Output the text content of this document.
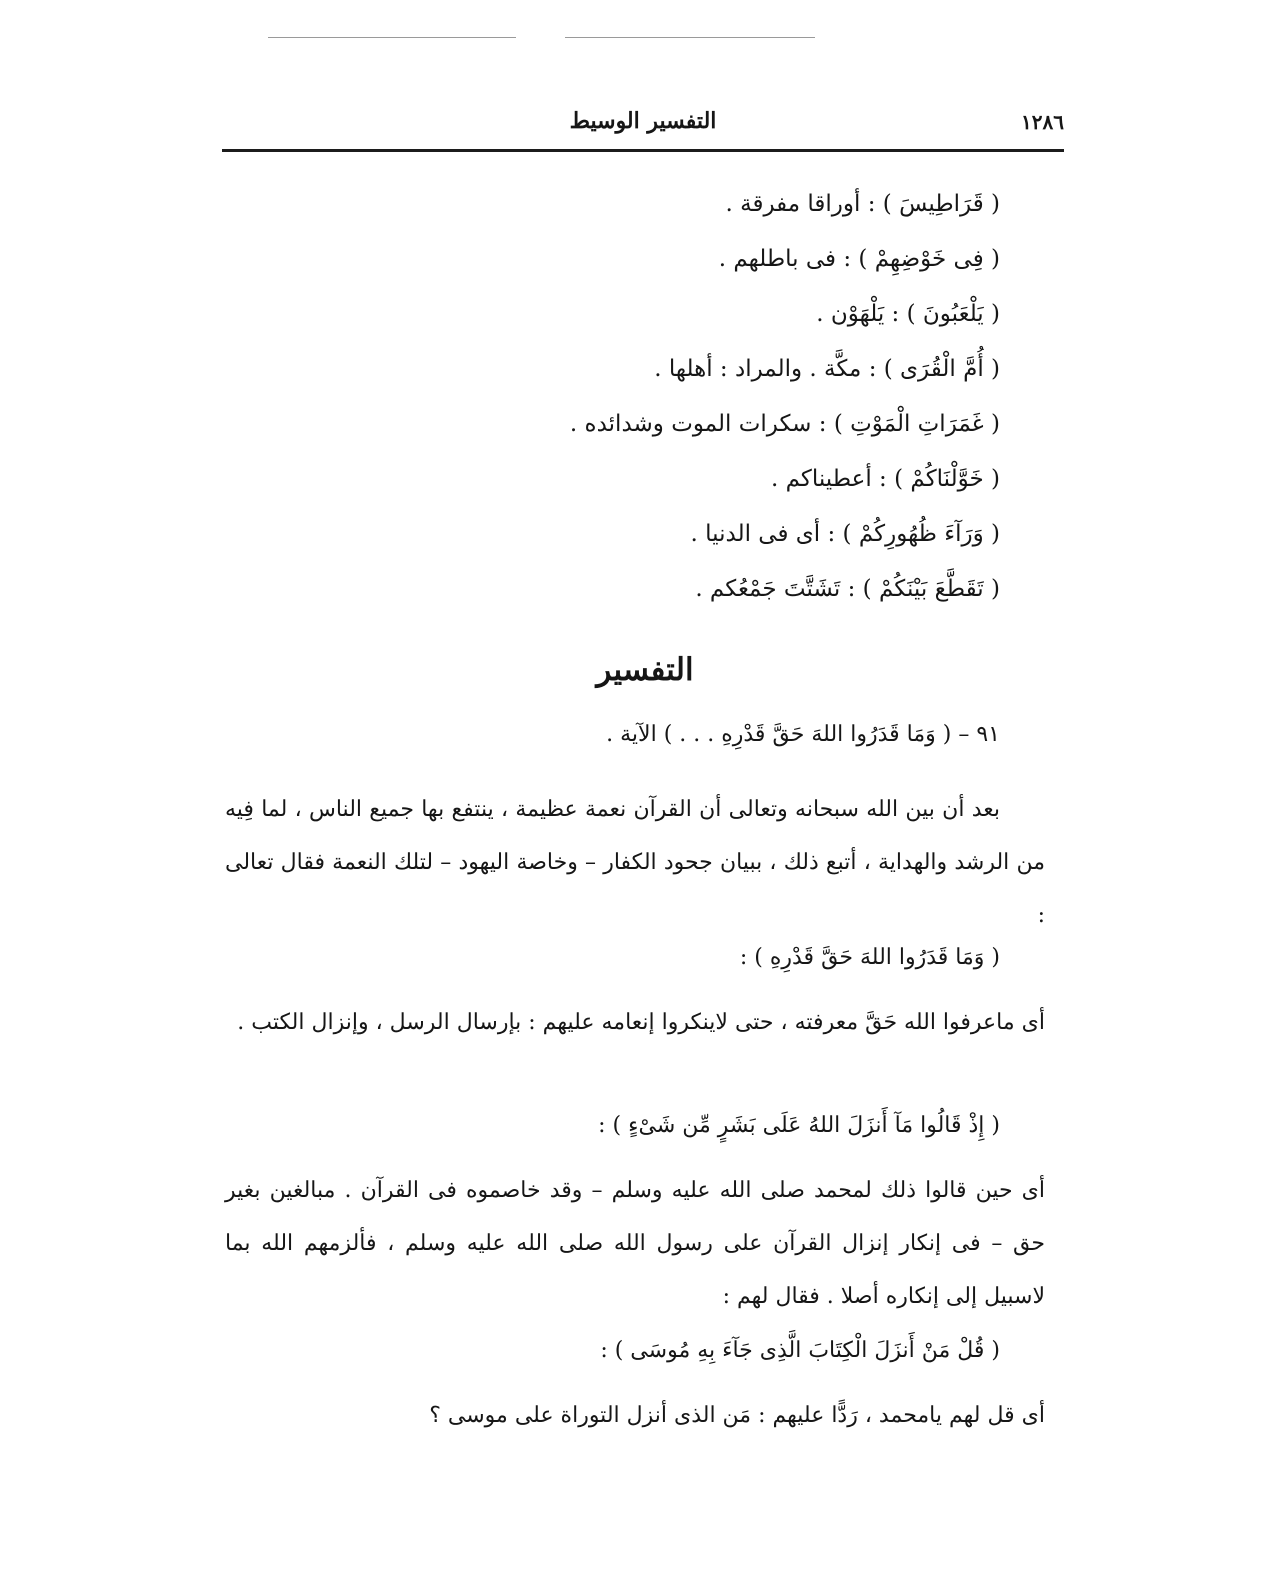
التفسير الوسيط	١٢٨٦
( قَرَاطِيسَ ) : أوراقا مفرقة .
( فِى خَوْضِهِمْ ) : فى باطلهم .
( يَلْعَبُونَ ) : يَلْهَوْن .
( أُمَّ الْقُرَى ) : مكَّة . والمراد : أهلها .
( غَمَرَاتِ الْمَوْتِ ) : سكرات الموت وشدائده .
( خَوَّلْنَاكُمْ ) : أعطيناكم .
( وَرَآءَ ظُهُورِكُمْ ) : أى فى الدنيا .
( تَقَطَّعَ بَيْنَكُمْ ) : تَشَتَّتَ جَمْعُكم .
التفسير

٩١ – ( وَمَا قَدَرُوا اللهَ حَقَّ قَدْرِهِ . . . ) الآية .

بعد أن بين الله سبحانه وتعالى أن القرآن نعمة عظيمة ، ينتفع بها جميع الناس ، لما فِيه من الرشد والهداية ، أتبع ذلك ، ببيان جحود الكفار – وخاصة اليهود – لتلك النعمة فقال تعالى :

( وَمَا قَدَرُوا اللهَ حَقَّ قَدْرِهِ ) :

أى ماعرفوا الله حَقَّ معرفته ، حتى لاينكروا إنعامه عليهم : بإرسال الرسل ، وإنزال الكتب .

( إِذْ قَالُوا مَآ أَنزَلَ اللهُ عَلَى بَشَرٍ مِّن شَىْءٍ ) :

أى حين قالوا ذلك لمحمد صلى الله عليه وسلم – وقد خاصموه فى القرآن . مبالغين بغير حق – فى إنكار إنزال القرآن على رسول الله صلى الله عليه وسلم ، فألزمهم الله بما لاسبيل إلى إنكاره أصلا . فقال لهم :

( قُلْ مَنْ أَنزَلَ الْكِتَابَ الَّذِى جَآءَ بِهِ مُوسَى ) :

أى قل لهم يامحمد ، رَدًّا عليهم : مَن الذى أنزل التوراة على موسى ؟
